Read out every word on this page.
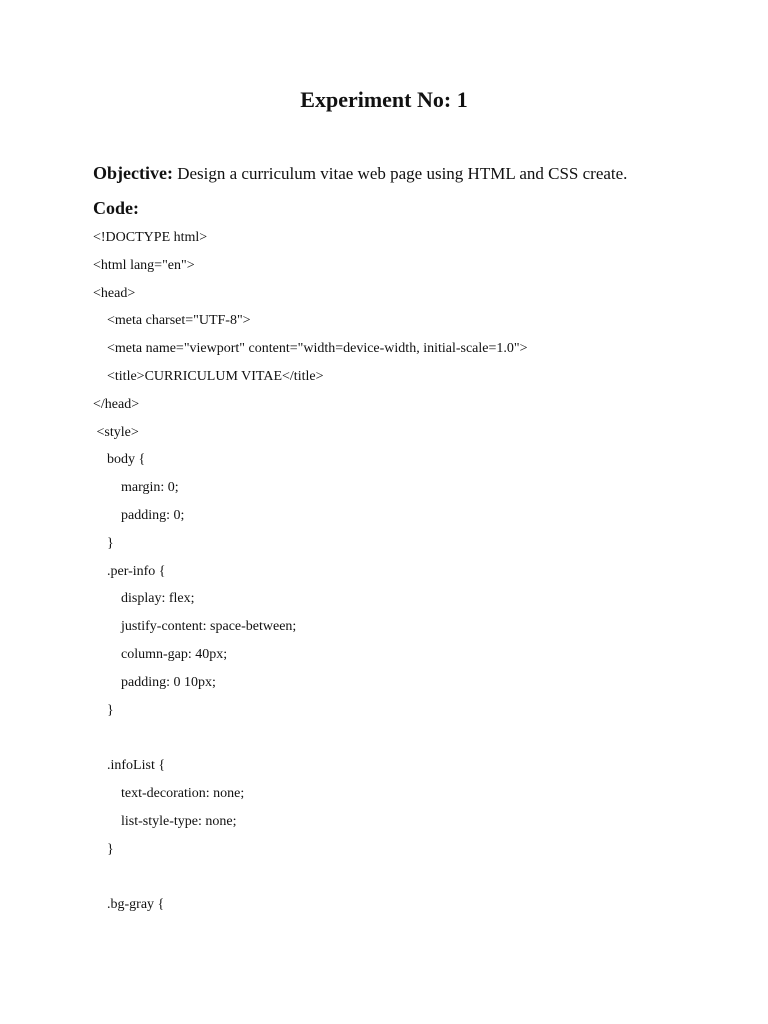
Experiment No: 1
Objective: Design a curriculum vitae web page using HTML and CSS create.
Code:
<!DOCTYPE html>
<html lang="en">
<head>
<meta charset="UTF-8">
<meta name="viewport" content="width=device-width, initial-scale=1.0">
<title>CURRICULUM VITAE</title>
</head>
<style>
body {
margin: 0;
padding: 0;
}
.per-info {
display: flex;
justify-content: space-between;
column-gap: 40px;
padding: 0 10px;
}
.infoList {
text-decoration: none;
list-style-type: none;
}
.bg-gray {
